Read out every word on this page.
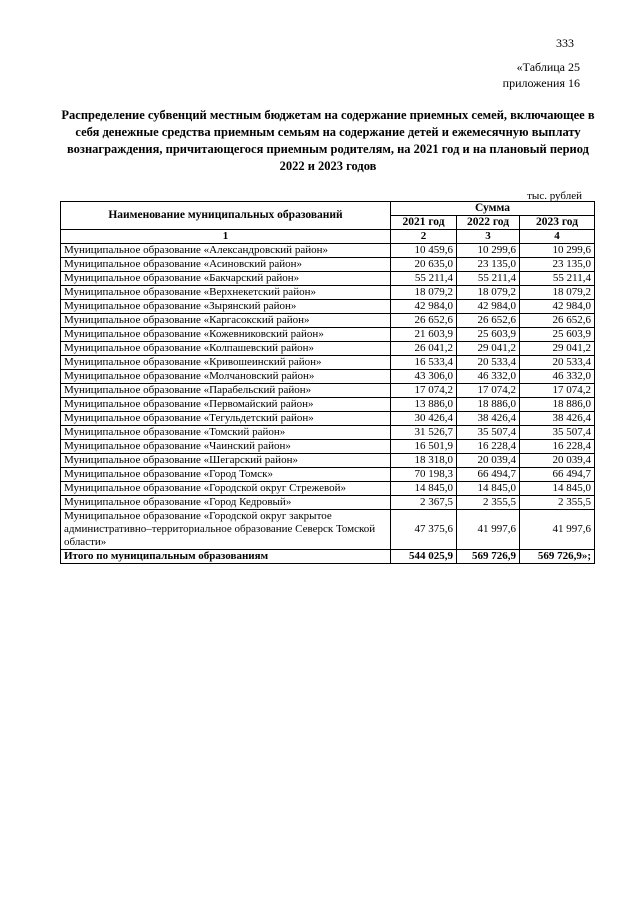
333
«Таблица 25
приложения 16
Распределение субвенций местным бюджетам на содержание приемных семей, включающее в себя денежные средства приемным семьям на содержание детей и ежемесячную выплату вознаграждения, причитающегося приемным родителям, на 2021 год и на плановый период 2022 и 2023 годов
тыс. рублей
Наименование муниципальных образований	Сумма		
	2021 год	2022 год	2023 год
1	2	3	4
Муниципальное образование «Александровский район»	10 459,6	10 299,6	10 299,6
Муниципальное образование «Асиновский район»	20 635,0	23 135,0	23 135,0
Муниципальное образование «Бакчарский район»	55 211,4	55 211,4	55 211,4
Муниципальное образование «Верхнекетский район»	18 079,2	18 079,2	18 079,2
Муниципальное образование «Зырянский район»	42 984,0	42 984,0	42 984,0
Муниципальное образование «Каргасокский район»	26 652,6	26 652,6	26 652,6
Муниципальное образование «Кожевниковский район»	21 603,9	25 603,9	25 603,9
Муниципальное образование «Колпашевский район»	26 041,2	29 041,2	29 041,2
Муниципальное образование «Кривошеинский район»	16 533,4	20 533,4	20 533,4
Муниципальное образование «Молчановский район»	43 306,0	46 332,0	46 332,0
Муниципальное образование «Парабельский район»	17 074,2	17 074,2	17 074,2
Муниципальное образование «Первомайский район»	13 886,0	18 886,0	18 886,0
Муниципальное образование «Тегульдетский район»	30 426,4	38 426,4	38 426,4
Муниципальное образование «Томский район»	31 526,7	35 507,4	35 507,4
Муниципальное образование «Чаинский район»	16 501,9	16 228,4	16 228,4
Муниципальное образование «Шегарский район»	18 318,0	20 039,4	20 039,4
Муниципальное образование «Город Томск»	70 198,3	66 494,7	66 494,7
Муниципальное образование «Городской округ Стрежевой»	14 845,0	14 845,0	14 845,0
Муниципальное образование «Город Кедровый»	2 367,5	2 355,5	2 355,5
Муниципальное образование «Городской округ закрытое административно–территориальное образование Северск Томской области»	47 375,6	41 997,6	41 997,6
Итого по муниципальным образованиям	544 025,9	569 726,9	569 726,9»;
